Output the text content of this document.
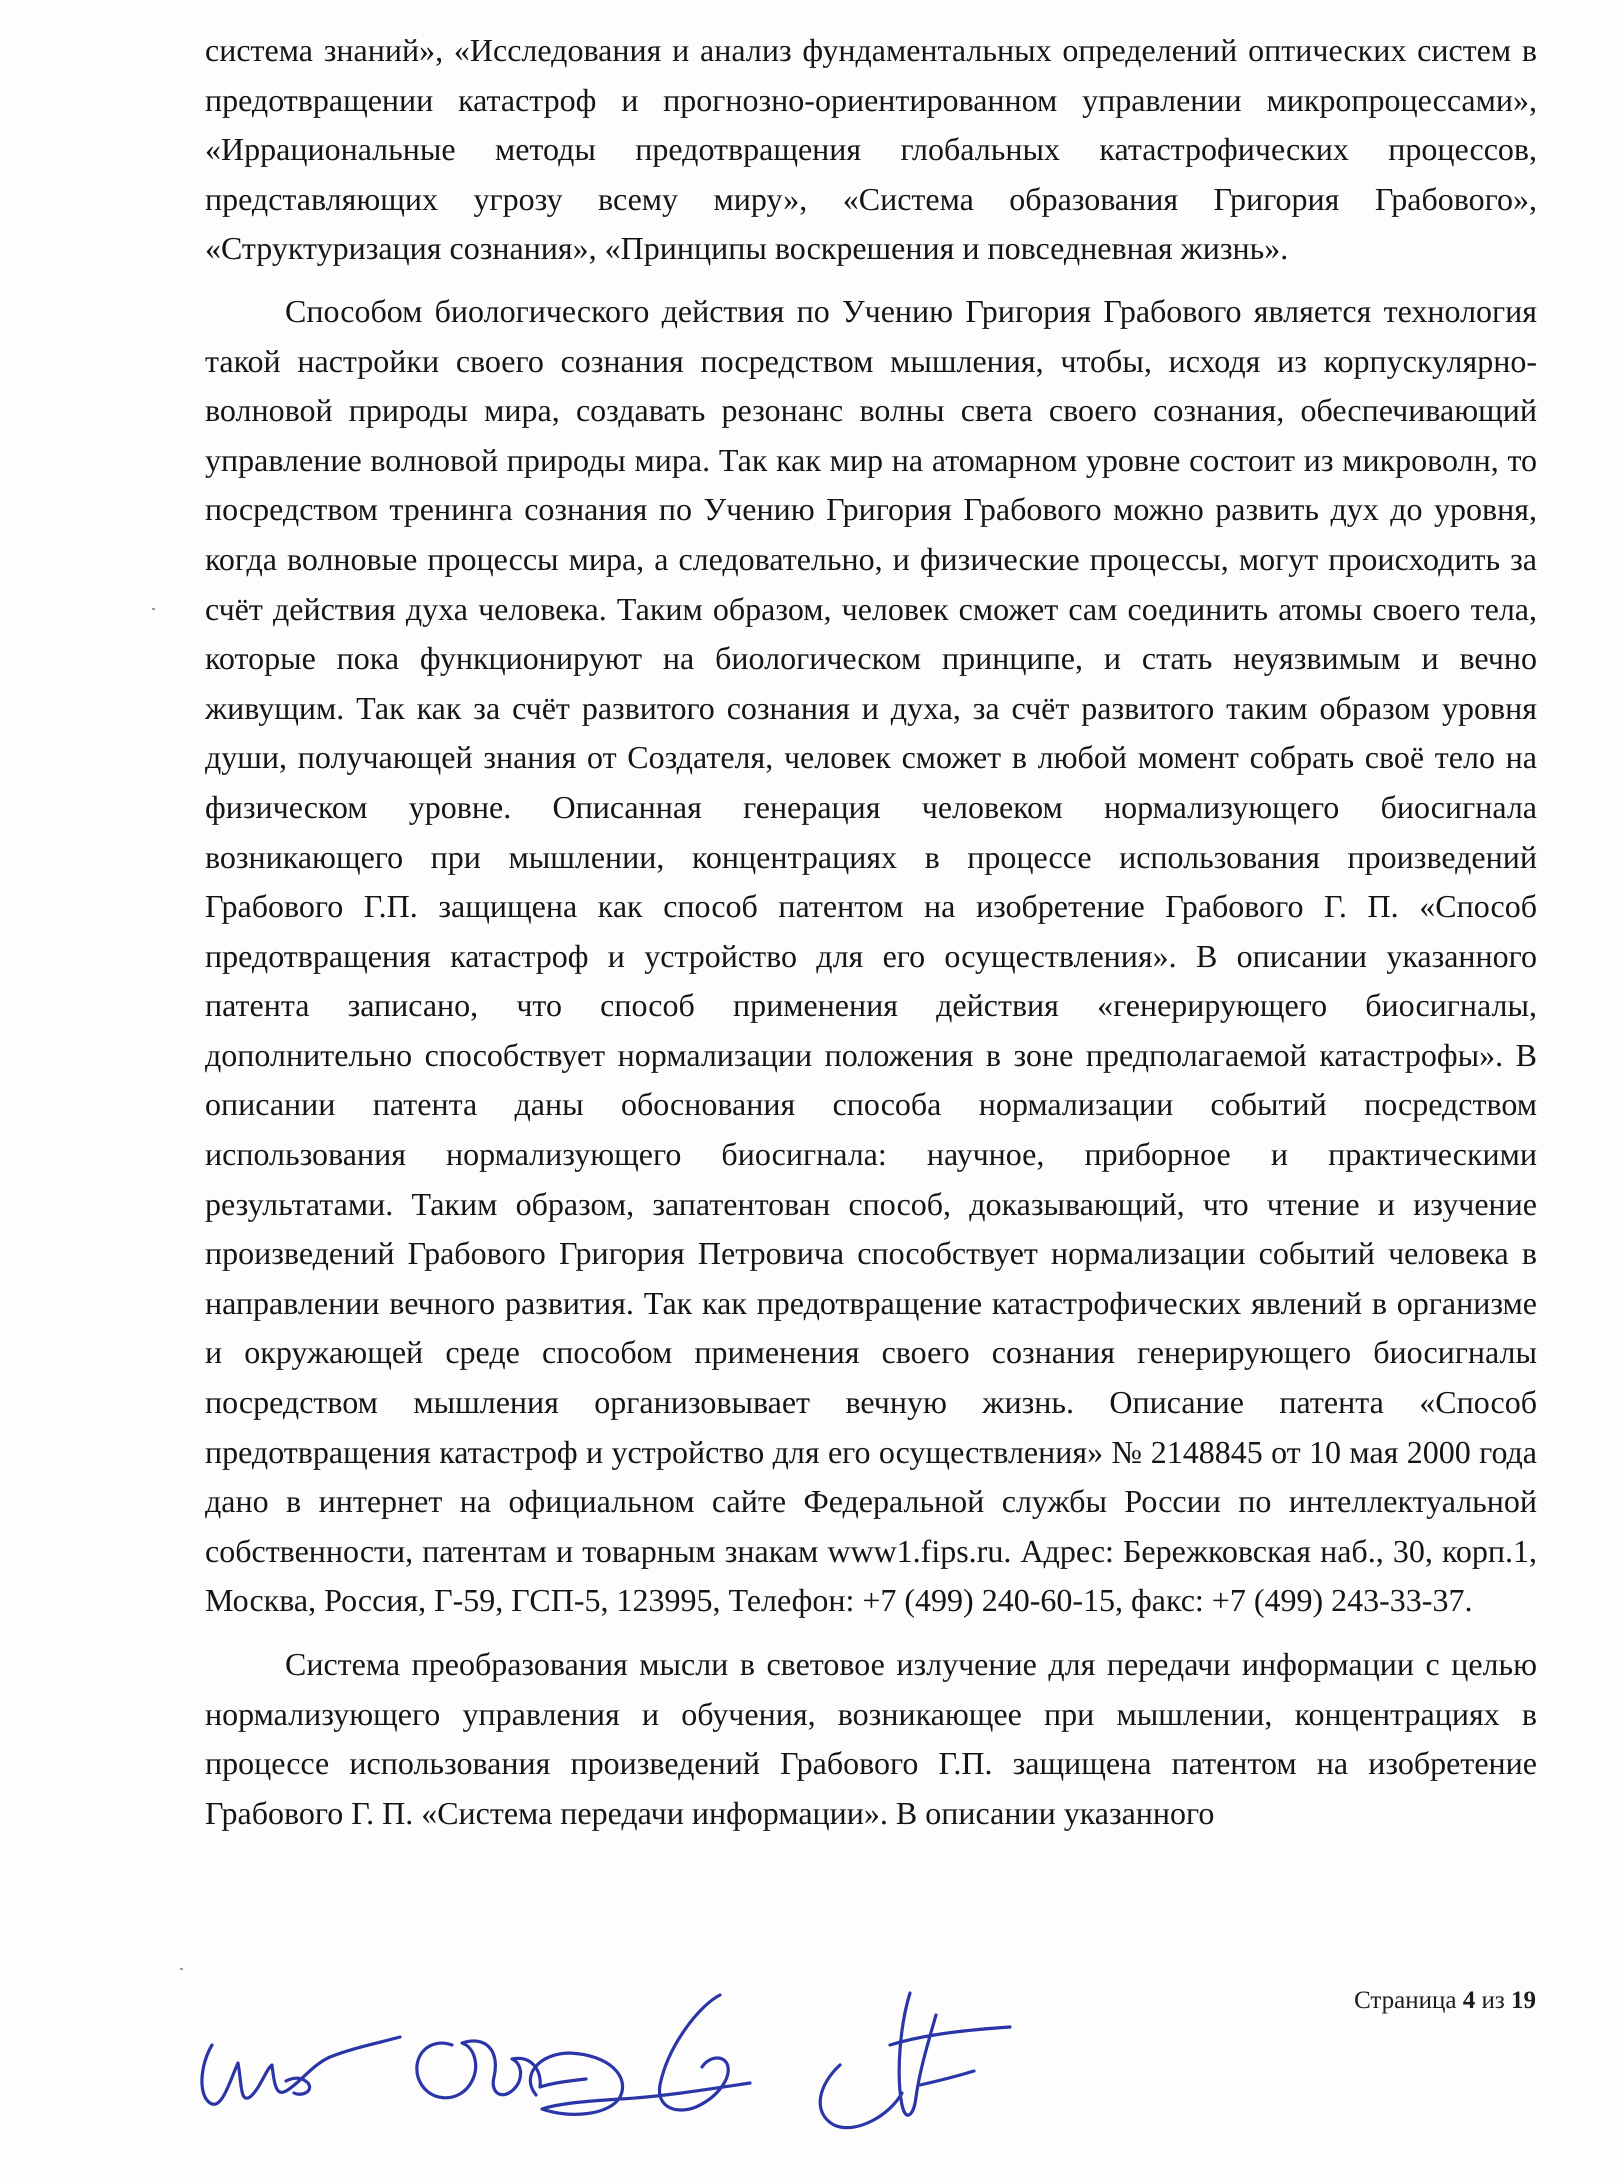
система знаний», «Исследования и анализ фундаментальных определений оптических систем в предотвращении катастроф и прогнозно-ориентированном управлении микропроцессами», «Иррациональные методы предотвращения глобальных катастрофических процессов, представляющих угрозу всему миру», «Система образования Григория Грабового», «Структуризация сознания», «Принципы воскрешения и повседневная жизнь».

Способом биологического действия по Учению Григория Грабового является технология такой настройки своего сознания посредством мышления, чтобы, исходя из корпускулярно-волновой природы мира, создавать резонанс волны света своего сознания, обеспечивающий управление волновой природы мира. Так как мир на атомарном уровне состоит из микроволн, то посредством тренинга сознания по Учению Григория Грабового можно развить дух до уровня, когда волновые процессы мира, а следовательно, и физические процессы, могут происходить за счёт действия духа человека. Таким образом, человек сможет сам соединить атомы своего тела, которые пока функционируют на биологическом принципе, и стать неуязвимым и вечно живущим. Так как за счёт развитого сознания и духа, за счёт развитого таким образом уровня души, получающей знания от Создателя, человек сможет в любой момент собрать своё тело на физическом уровне. Описанная генерация человеком нормализующего биосигнала возникающего при мышлении, концентрациях в процессе использования произведений Грабового Г.П. защищена как способ патентом на изобретение Грабового Г. П. «Способ предотвращения катастроф и устройство для его осуществления». В описании указанного патента записано, что способ применения действия «генерирующего биосигналы, дополнительно способствует нормализации положения в зоне предполагаемой катастрофы». В описании патента даны обоснования способа нормализации событий посредством использования нормализующего биосигнала: научное, приборное и практическими результатами. Таким образом, запатентован способ, доказывающий, что чтение и изучение произведений Грабового Григория Петровича способствует нормализации событий человека в направлении вечного развития. Так как предотвращение катастрофических явлений в организме и окружающей среде способом применения своего сознания генерирующего биосигналы посредством мышления организовывает вечную жизнь. Описание патента «Способ предотвращения катастроф и устройство для его осуществления» № 2148845 от 10 мая 2000 года дано в интернет на официальном сайте Федеральной службы России по интеллектуальной собственности, патентам и товарным знакам www1.fips.ru. Адрес: Бережковская наб., 30, корп.1, Москва, Россия, Г-59, ГСП-5, 123995, Телефон: +7 (499) 240-60-15, факс: +7 (499) 243-33-37.

Система преобразования мысли в световое излучение для передачи информации с целью нормализующего управления и обучения, возникающее при мышлении, концентрациях в процессе использования произведений Грабового Г.П. защищена патентом на изобретение Грабового Г. П. «Система передачи информации». В описании указанного

Страница 4 из 19
